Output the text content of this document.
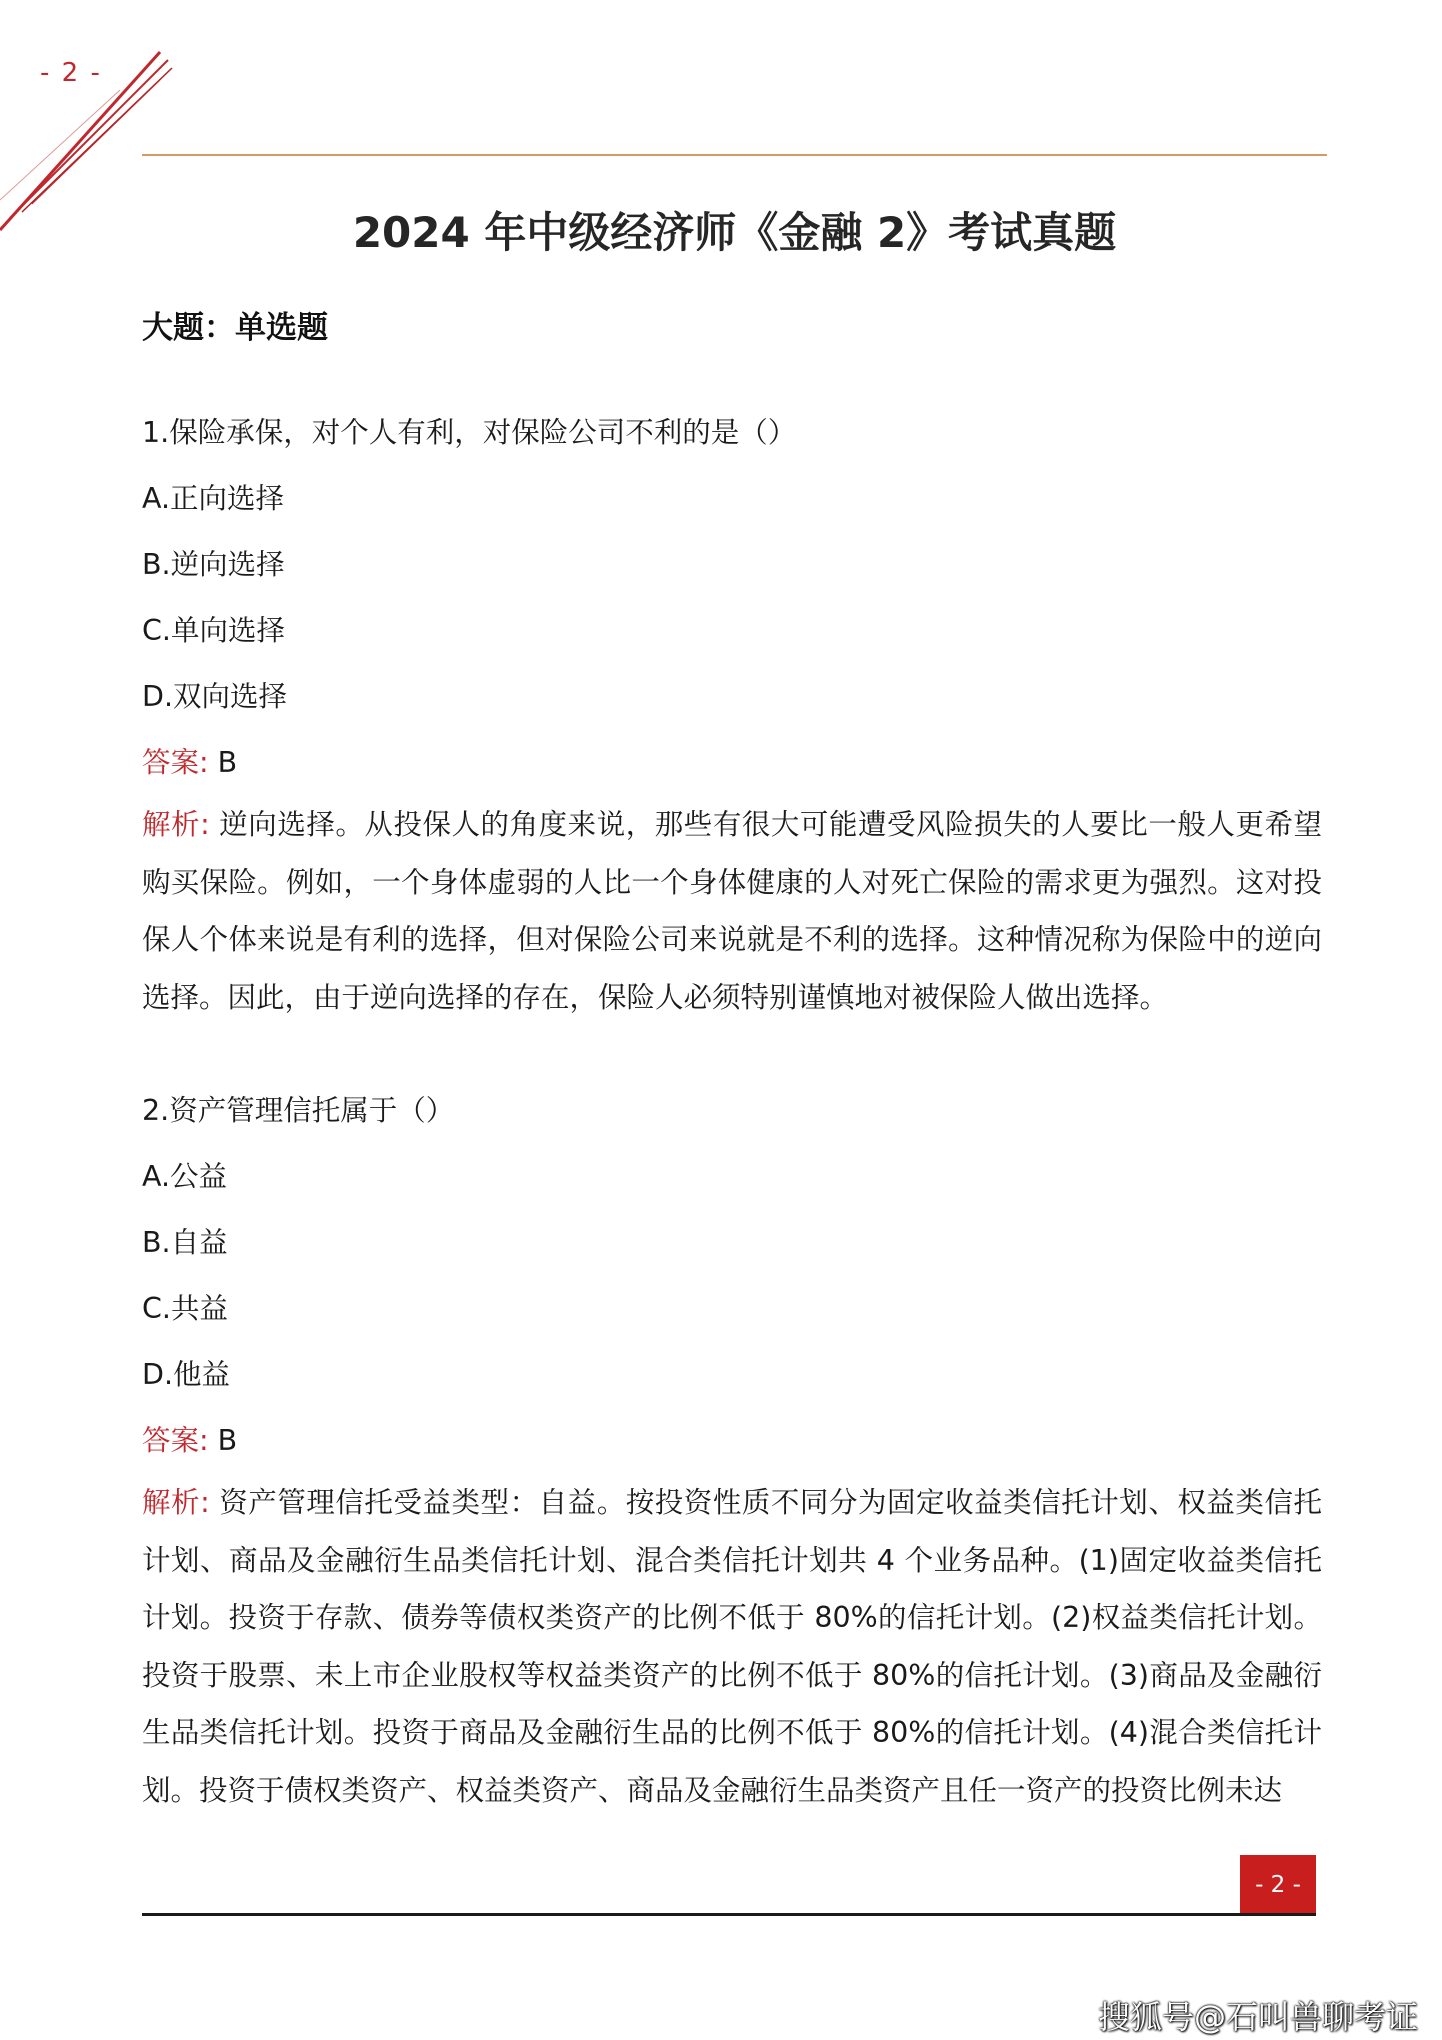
- 2 -
2024 年中级经济师《金融 2》考试真题
大题：单选题
1.保险承保，对个人有利，对保险公司不利的是（）
A.正向选择
B.逆向选择
C.单向选择
D.双向选择
答案: B

解析: 逆向选择。从投保人的角度来说，那些有很大可能遭受风险损失的人要比一般人更希望购买保险。例如，一个身体虚弱的人比一个身体健康的人对死亡保险的需求更为强烈。这对投保人个体来说是有利的选择，但对保险公司来说就是不利的选择。这种情况称为保险中的逆向选择。因此，由于逆向选择的存在，保险人必须特别谨慎地对被保险人做出选择。

2.资产管理信托属于（）
A.公益
B.自益
C.共益
D.他益
答案: B

解析: 资产管理信托受益类型：自益。按投资性质不同分为固定收益类信托计划、权益类信托计划、商品及金融衍生品类信托计划、混合类信托计划共 4 个业务品种。(1)固定收益类信托计划。投资于存款、债券等债权类资产的比例不低于 80%的信托计划。(2)权益类信托计划。投资于股票、未上市企业股权等权益类资产的比例不低于 80%的信托计划。(3)商品及金融衍生品类信托计划。投资于商品及金融衍生品的比例不低于 80%的信托计划。(4)混合类信托计划。投资于债权类资产、权益类资产、商品及金融衍生品类资产且任一资产的投资比例未达

- 2 -
搜狐号@石叫兽聊考证
